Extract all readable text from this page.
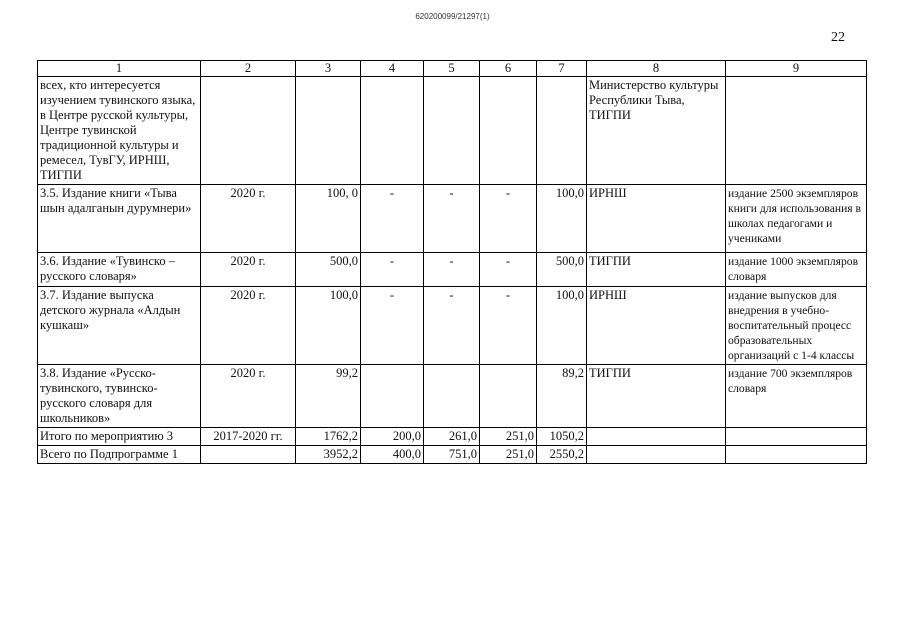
620200099/21297(1)
22
1	2	3	4	5	6	7	8	9
всех, кто интересуется изучением тувинского языка, в Центре русской культуры, Центре тувинской традиционной культуры и ремесел, ТувГУ, ИРНШ, ТИГПИ							Министерство культуры Республики Тыва, ТИГПИ	
3.5. Издание книги «Тыва шын адалганын дурумнери»	2020 г.	100, 0	-	-	-	100,0	ИРНШ	издание 2500 экземпляров книги для использования в школах педагогами и учениками
3.6. Издание «Тувинско – русского словаря»	2020 г.	500,0	-	-	-	500,0	ТИГПИ	издание 1000 экземпляров словаря
3.7. Издание выпуска детского журнала «Алдын кушкаш»	2020 г.	100,0	-	-	-	100,0	ИРНШ	издание выпусков для внедрения в учебно-воспитательный процесс образовательных организаций с 1-4 классы
3.8. Издание «Русско-тувинского, тувинско-русского словаря для школьников»	2020 г.	99,2				89,2	ТИГПИ	издание 700 экземпляров словаря
Итого по мероприятию 3	2017-2020 гг.	1762,2	200,0	261,0	251,0	1050,2		
Всего по Подпрограмме 1		3952,2	400,0	751,0	251,0	2550,2		
